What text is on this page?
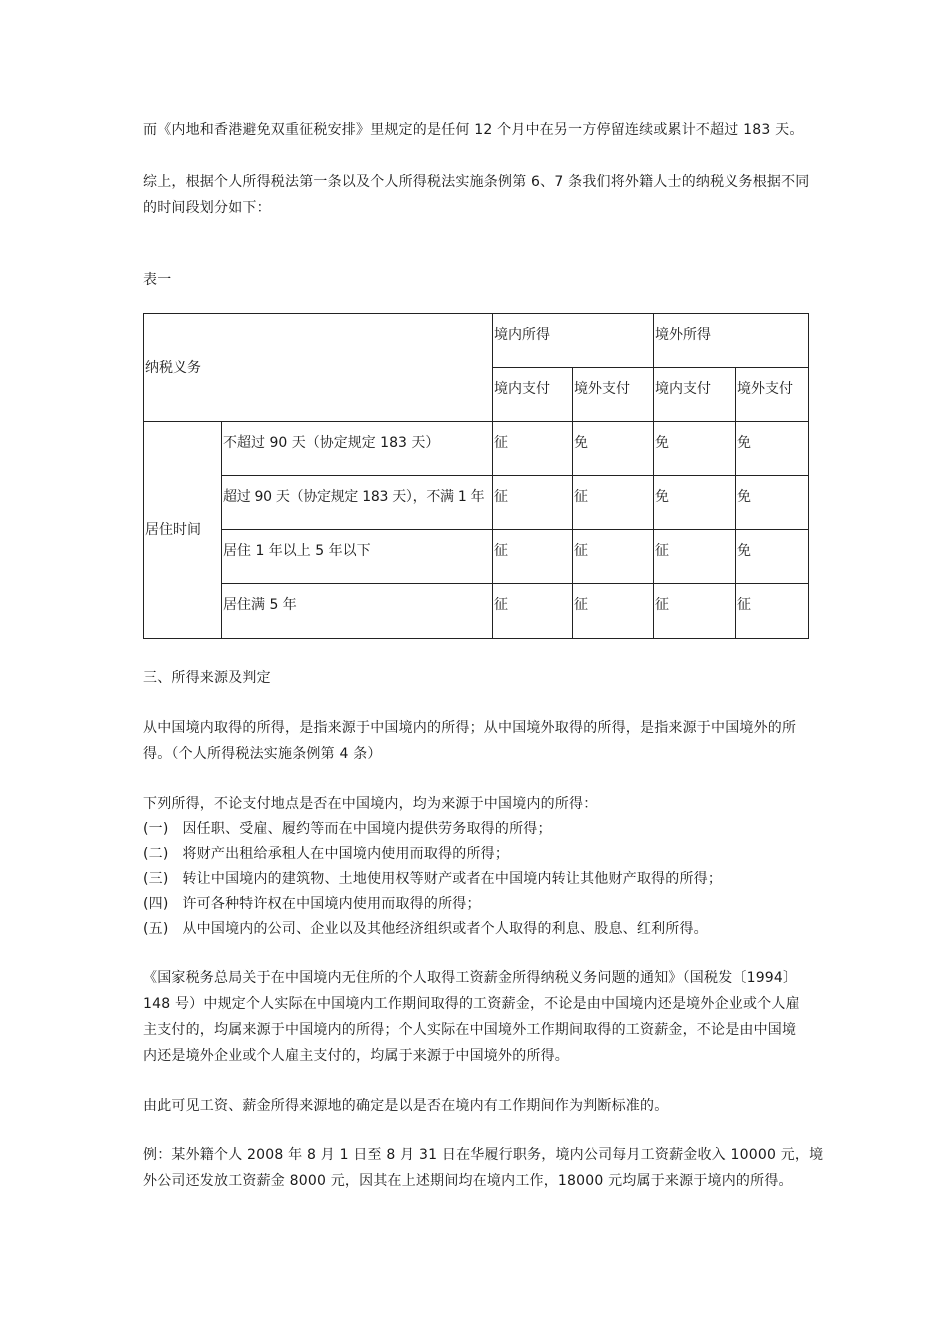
而《内地和香港避免双重征税安排》里规定的是任何 12 个月中在另一方停留连续或累计不超过 183 天。
综上，根据个人所得税法第一条以及个人所得税法实施条例第 6、7 条我们将外籍人士的纳税义务根据不同
的时间段划分如下：
表一
纳税义务		境内所得		境外所得	
		境内支付	境外支付	境内支付	境外支付
居住时间	不超过 90 天（协定规定 183 天）	征	免	免	免
	超过 90 天（协定规定 183 天），不满 1 年	征	征	免	免
	居住 1 年以上 5 年以下	征	征	征	免
	居住满 5 年	征	征	征	征
三、所得来源及判定
从中国境内取得的所得，是指来源于中国境内的所得；从中国境外取得的所得，是指来源于中国境外的所
得。（个人所得税法实施条例第 4 条）
下列所得，不论支付地点是否在中国境内，均为来源于中国境内的所得：
(一)   因任职、受雇、履约等而在中国境内提供劳务取得的所得；
(二)   将财产出租给承租人在中国境内使用而取得的所得；
(三)   转让中国境内的建筑物、土地使用权等财产或者在中国境内转让其他财产取得的所得；
(四)   许可各种特许权在中国境内使用而取得的所得；
(五)   从中国境内的公司、企业以及其他经济组织或者个人取得的利息、股息、红利所得。
《国家税务总局关于在中国境内无住所的个人取得工资薪金所得纳税义务问题的通知》（国税发〔1994〕
148 号）中规定个人实际在中国境内工作期间取得的工资薪金，不论是由中国境内还是境外企业或个人雇
主支付的，均属来源于中国境内的所得；个人实际在中国境外工作期间取得的工资薪金，不论是由中国境
内还是境外企业或个人雇主支付的，均属于来源于中国境外的所得。
由此可见工资、薪金所得来源地的确定是以是否在境内有工作期间作为判断标准的。
例：某外籍个人 2008 年 8 月 1 日至 8 月 31 日在华履行职务，境内公司每月工资薪金收入 10000 元，境
外公司还发放工资薪金 8000 元，因其在上述期间均在境内工作，18000 元均属于来源于境内的所得。
